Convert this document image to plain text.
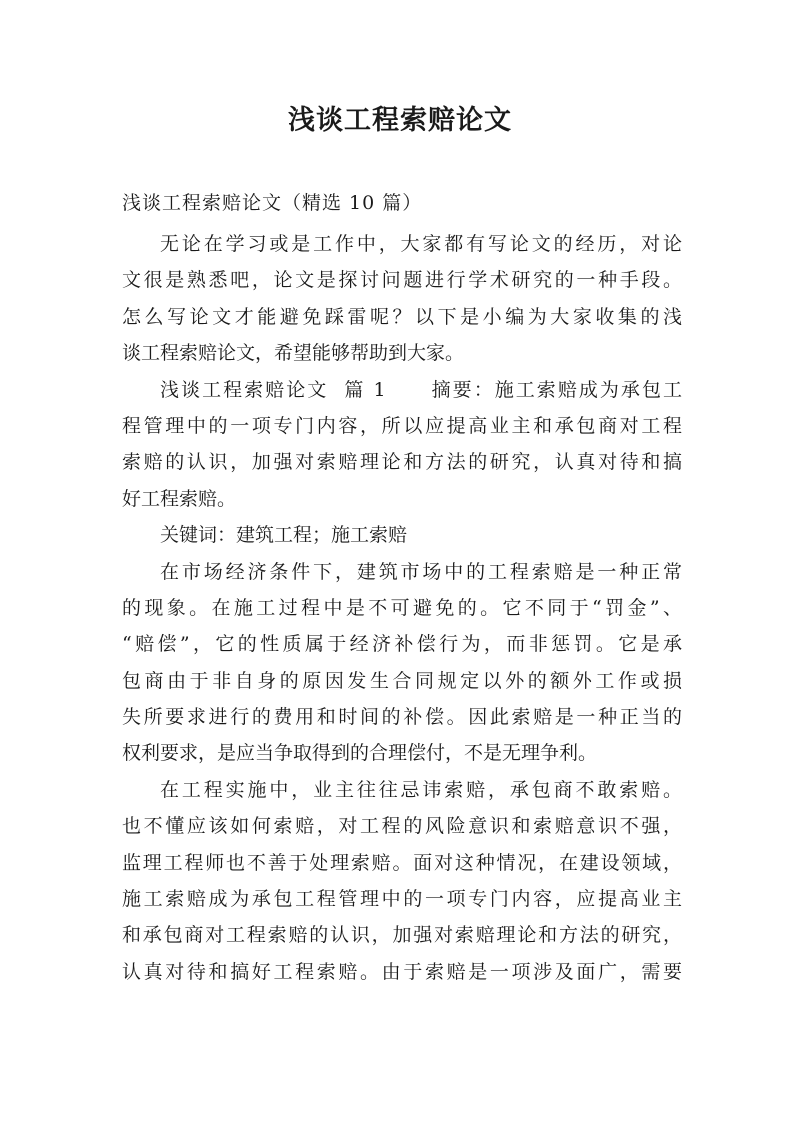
浅谈工程索赔论文
浅谈工程索赔论文（精选 10 篇）
无论在学习或是工作中，大家都有写论文的经历，对论
文很是熟悉吧，论文是探讨问题进行学术研究的一种手段。
怎么写论文才能避免踩雷呢？以下是小编为大家收集的浅
谈工程索赔论文，希望能够帮助到大家。
浅谈工程索赔论文  篇 1 摘要：施工索赔成为承包工
程管理中的一项专门内容，所以应提高业主和承包商对工程
索赔的认识，加强对索赔理论和方法的研究，认真对待和搞
好工程索赔。
关键词：建筑工程；施工索赔
在市场经济条件下，建筑市场中的工程索赔是一种正常
的现象。在施工过程中是不可避免的。它不同于“罚金”、
“赔偿”，它的性质属于经济补偿行为，而非惩罚。它是承
包商由于非自身的原因发生合同规定以外的额外工作或损
失所要求进行的费用和时间的补偿。因此索赔是一种正当的
权利要求，是应当争取得到的合理偿付，不是无理争利。
在工程实施中，业主往往忌讳索赔，承包商不敢索赔。
也不懂应该如何索赔，对工程的风险意识和索赔意识不强，
监理工程师也不善于处理索赔。面对这种情况，在建设领域，
施工索赔成为承包工程管理中的一项专门内容，应提高业主
和承包商对工程索赔的认识，加强对索赔理论和方法的研究，
认真对待和搞好工程索赔。由于索赔是一项涉及面广，需要
